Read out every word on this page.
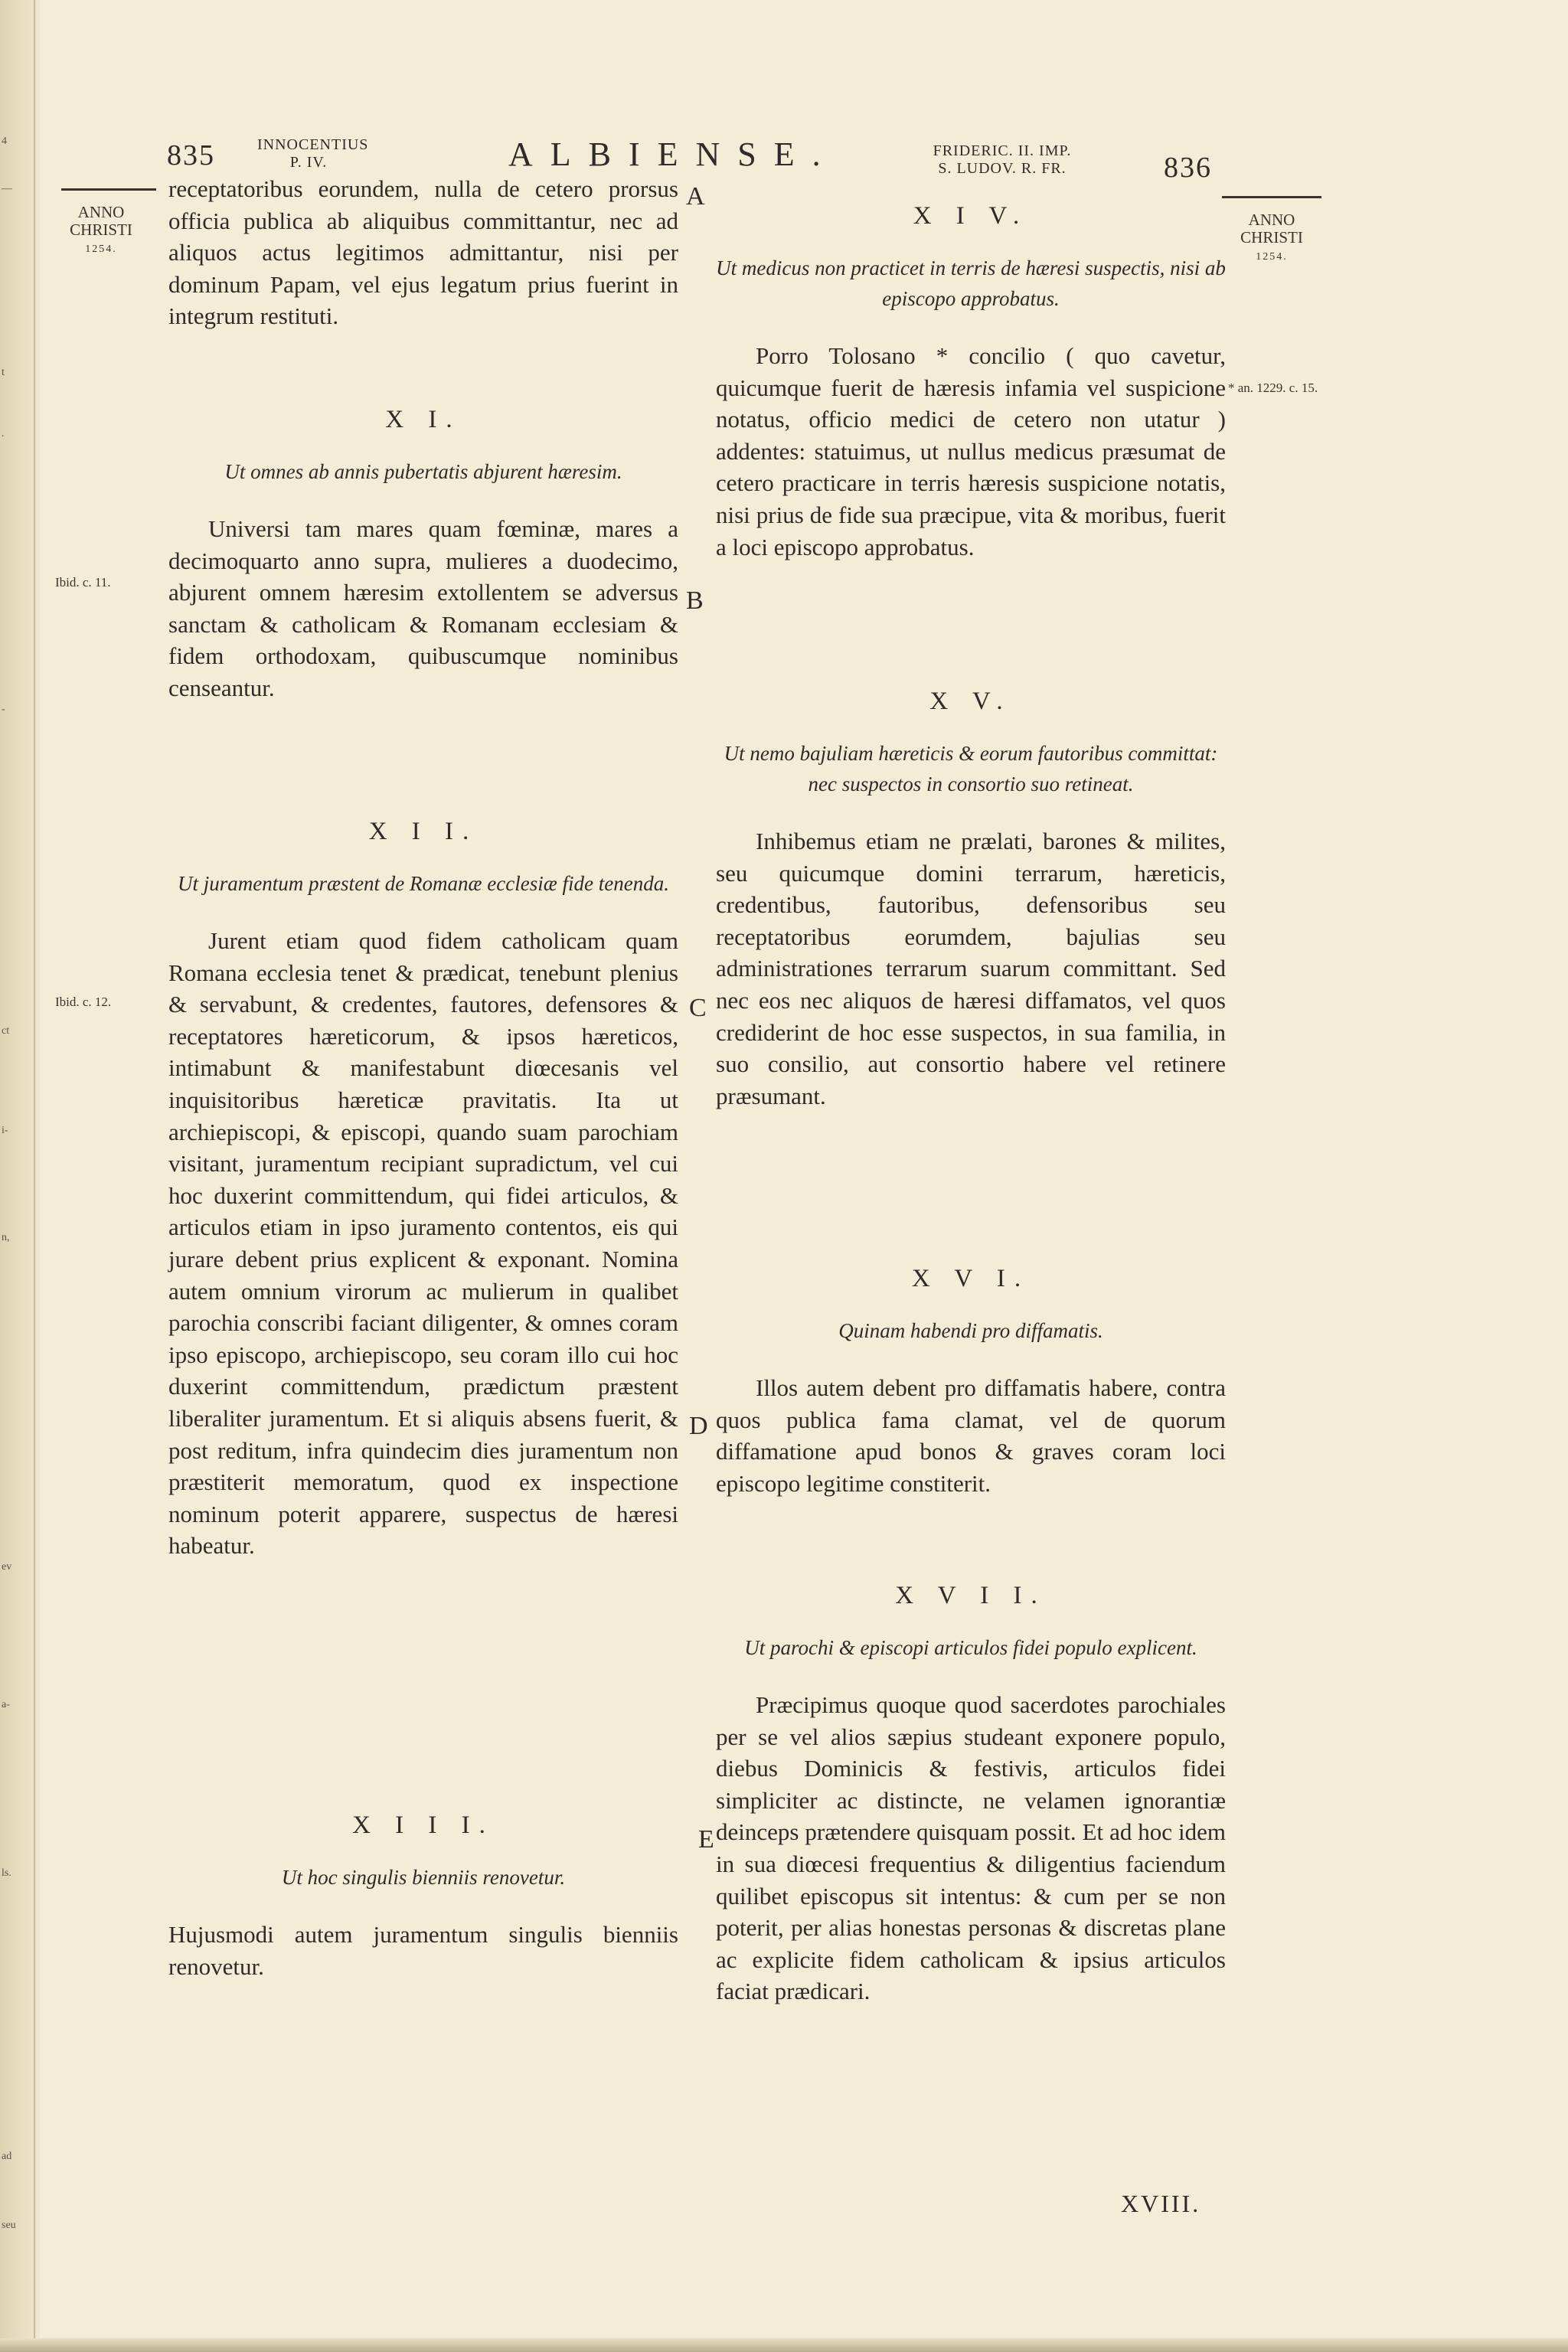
4
—
t
.
-
ct
i-
n,
ev
a-
ls.
ad
seu
835	INNOCENTIUS
P. IV.	ALBIENSE.	FRIDERIC. II. IMP.
S. LUDOV. R. FR.	836
ANNO
CHRISTI
1254.
ANNO
CHRISTI
1254.
Ibid. c. 11.
Ibid. c. 12.
* an. 1229. c. 15.
A
B
C
D
E
receptatoribus eorundem, nulla de cetero prorsus officia publica ab aliquibus committantur, nec ad aliquos actus legitimos admittantur, nisi per dominum Papam, vel ejus legatum prius fuerint in integrum restituti.
X I.
Ut omnes ab annis pubertatis abjurent hæresim.
Universi tam mares quam fœminæ, mares a decimoquarto anno supra, mulieres a duodecimo, abjurent omnem hæresim extollentem se adversus sanctam & catholicam & Romanam ecclesiam & fidem orthodoxam, quibuscumque nominibus censeantur.
X I I.
Ut juramentum præstent de Romanæ ecclesiæ fide tenenda.
Jurent etiam quod fidem catholicam quam Romana ecclesia tenet & prædicat, tenebunt plenius & servabunt, & credentes, fautores, defensores & receptatores hæreticorum, & ipsos hæreticos, intimabunt & manifestabunt diœcesanis vel inquisitoribus hæreticæ pravitatis. Ita ut archiepiscopi, & episcopi, quando suam parochiam visitant, juramentum recipiant supradictum, vel cui hoc duxerint committendum, qui fidei articulos, & articulos etiam in ipso juramento contentos, eis qui jurare debent prius explicent & exponant. Nomina autem omnium virorum ac mulierum in qualibet parochia conscribi faciant diligenter, & omnes coram ipso episcopo, archiepiscopo, seu coram illo cui hoc duxerint committendum, prædictum præstent liberaliter juramentum. Et si aliquis absens fuerit, & post reditum, infra quindecim dies juramentum non præstiterit memoratum, quod ex inspectione nominum poterit apparere, suspectus de hæresi habeatur.
X I I I.
Ut hoc singulis bienniis renovetur.
Hujusmodi autem juramentum singulis bienniis renovetur.
X I V.
Ut medicus non practicet in terris de hæresi suspectis, nisi ab episcopo approbatus.
Porro Tolosano * concilio ( quo cavetur, quicumque fuerit de hæresis infamia vel suspicione notatus, officio medici de cetero non utatur ) addentes: statuimus, ut nullus medicus præsumat de cetero practicare in terris hæresis suspicione notatis, nisi prius de fide sua præcipue, vita & moribus, fuerit a loci episcopo approbatus.
X V.
Ut nemo bajuliam hæreticis & eorum fautoribus committat: nec suspectos in consortio suo retineat.
Inhibemus etiam ne prælati, barones & milites, seu quicumque domini terrarum, hæreticis, credentibus, fautoribus, defensoribus seu receptatoribus eorumdem, bajulias seu administrationes terrarum suarum committant. Sed nec eos nec aliquos de hæresi diffamatos, vel quos crediderint de hoc esse suspectos, in sua familia, in suo consilio, aut consortio habere vel retinere præsumant.
X V I.
Quinam habendi pro diffamatis.
Illos autem debent pro diffamatis habere, contra quos publica fama clamat, vel de quorum diffamatione apud bonos & graves coram loci episcopo legitime constiterit.
X V I I.
Ut parochi & episcopi articulos fidei populo explicent.
Præcipimus quoque quod sacerdotes parochiales per se vel alios sæpius studeant exponere populo, diebus Dominicis & festivis, articulos fidei simpliciter ac distincte, ne velamen ignorantiæ deinceps prætendere quisquam possit. Et ad hoc idem in sua diœcesi frequentius & diligentius faciendum quilibet episcopus sit intentus: & cum per se non poterit, per alias honestas personas & discretas plane ac explicite fidem catholicam & ipsius articulos faciat prædicari.
XVIII.
